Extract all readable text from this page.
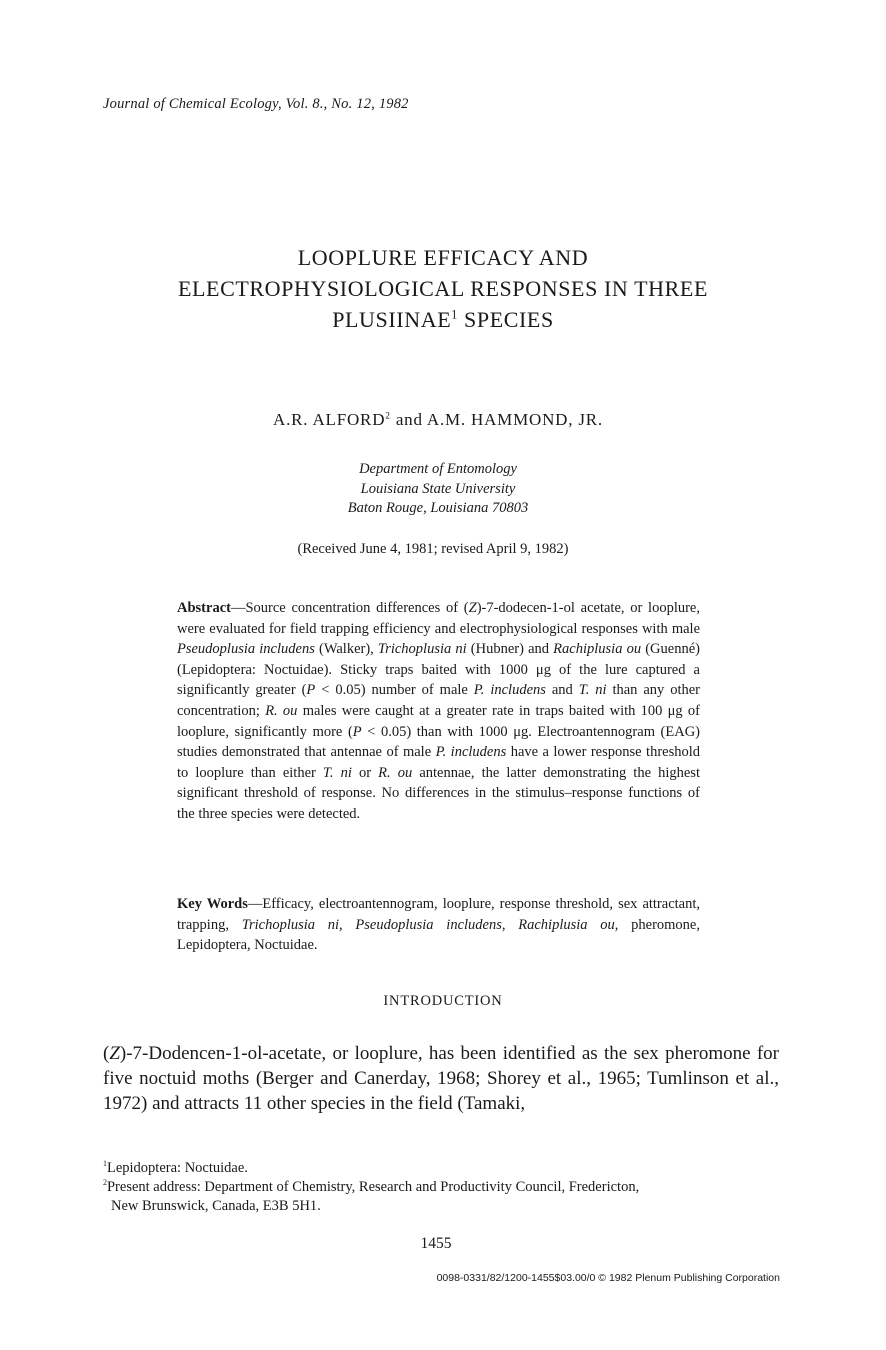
Journal of Chemical Ecology, Vol. 8., No. 12, 1982
LOOPLURE EFFICACY AND
ELECTROPHYSIOLOGICAL RESPONSES IN THREE
PLUSIINAE$^1$ SPECIES
A.R. ALFORD$^2$ and A.M. HAMMOND, JR.
Department of Entomology
Louisiana State University
Baton Rouge, Louisiana 70803
(Received June 4, 1981; revised April 9, 1982)

Abstract—Source concentration differences of (Z)-7-dodecen-1-ol acetate, or looplure, were evaluated for field trapping efficiency and electrophysiological responses with male Pseudoplusia includens (Walker), Trichoplusia ni (Hubner) and Rachiplusia ou (Guenné) (Lepidoptera: Noctuidae). Sticky traps baited with 1000 μg of the lure captured a significantly greater (P < 0.05) number of male P. includens and T. ni than any other concentration; R. ou males were caught at a greater rate in traps baited with 100 μg of looplure, significantly more (P < 0.05) than with 1000 μg. Electroantennogram (EAG) studies demonstrated that antennae of male P. includens have a lower response threshold to looplure than either T. ni or R. ou antennae, the latter demonstrating the highest significant threshold of response. No differences in the stimulus–response functions of the three species were detected.

Key Words—Efficacy, electroantennogram, looplure, response threshold, sex attractant, trapping, Trichoplusia ni, Pseudoplusia includens, Rachiplusia ou, pheromone, Lepidoptera, Noctuidae.

INTRODUCTION

(Z)-7-Dodencen-1-ol-acetate, or looplure, has been identified as the sex pheromone for five noctuid moths (Berger and Canerday, 1968; Shorey et al., 1965; Tumlinson et al., 1972) and attracts 11 other species in the field (Tamaki,

$^1$Lepidoptera: Noctuidae.

$^2$Present address: Department of Chemistry, Research and Productivity Council, Fredericton,

New Brunswick, Canada, E3B 5H1.

1455
0098-0331/82/1200-1455$03.00/0 © 1982 Plenum Publishing Corporation
